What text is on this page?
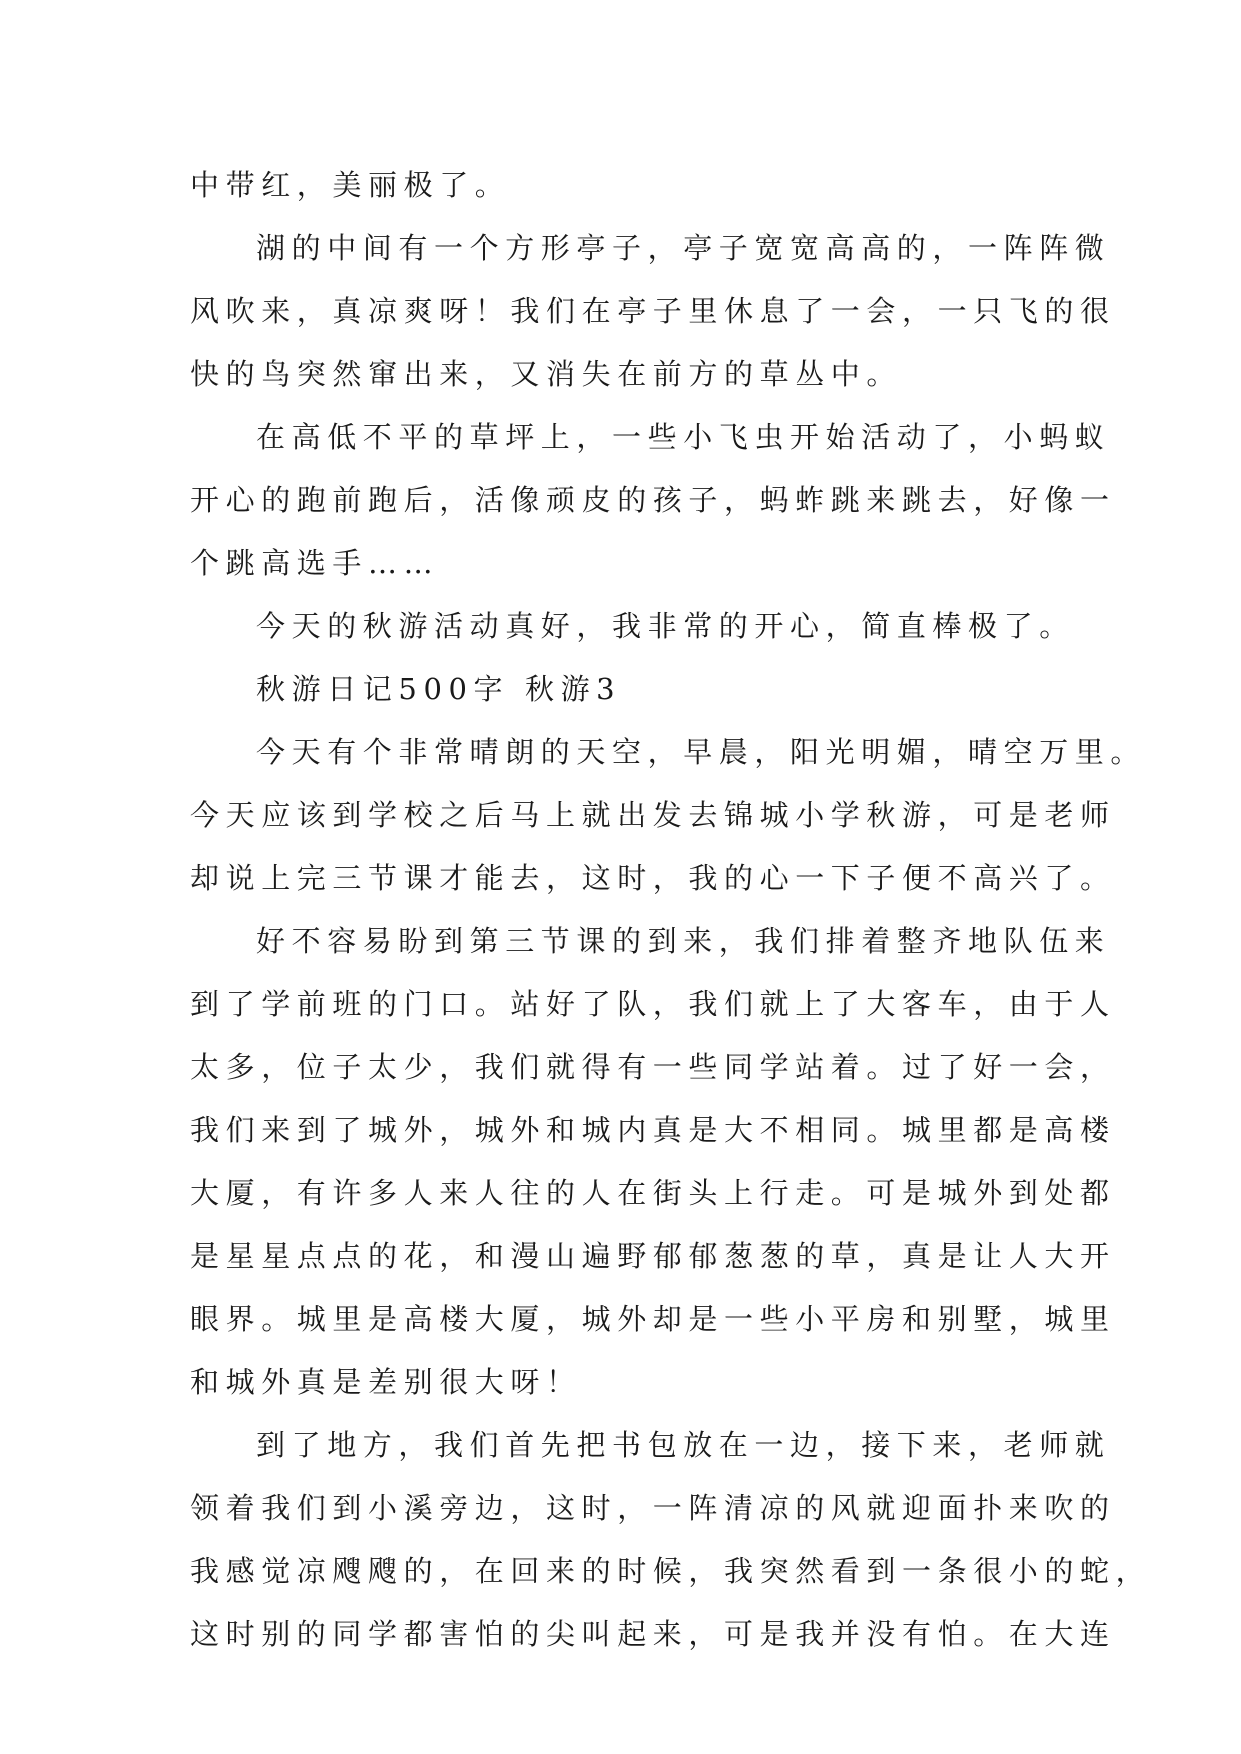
中带红，美丽极了。
湖的中间有一个方形亭子，亭子宽宽高高的，一阵阵微
风吹来，真凉爽呀！我们在亭子里休息了一会，一只飞的很
快的鸟突然窜出来，又消失在前方的草丛中。
在高低不平的草坪上，一些小飞虫开始活动了，小蚂蚁
开心的跑前跑后，活像顽皮的孩子，蚂蚱跳来跳去，好像一
个跳高选手……
今天的秋游活动真好，我非常的开心，简直棒极了。
秋游日记500字 秋游3
今天有个非常晴朗的天空，早晨，阳光明媚，晴空万里。
今天应该到学校之后马上就出发去锦城小学秋游，可是老师
却说上完三节课才能去，这时，我的心一下子便不高兴了。
好不容易盼到第三节课的到来，我们排着整齐地队伍来
到了学前班的门口。站好了队，我们就上了大客车，由于人
太多，位子太少，我们就得有一些同学站着。过了好一会，
我们来到了城外，城外和城内真是大不相同。城里都是高楼
大厦，有许多人来人往的人在街头上行走。可是城外到处都
是星星点点的花，和漫山遍野郁郁葱葱的草，真是让人大开
眼界。城里是高楼大厦，城外却是一些小平房和别墅，城里
和城外真是差别很大呀！
到了地方，我们首先把书包放在一边，接下来，老师就
领着我们到小溪旁边，这时，一阵清凉的风就迎面扑来吹的
我感觉凉飕飕的，在回来的时候，我突然看到一条很小的蛇，
这时别的同学都害怕的尖叫起来，可是我并没有怕。在大连
